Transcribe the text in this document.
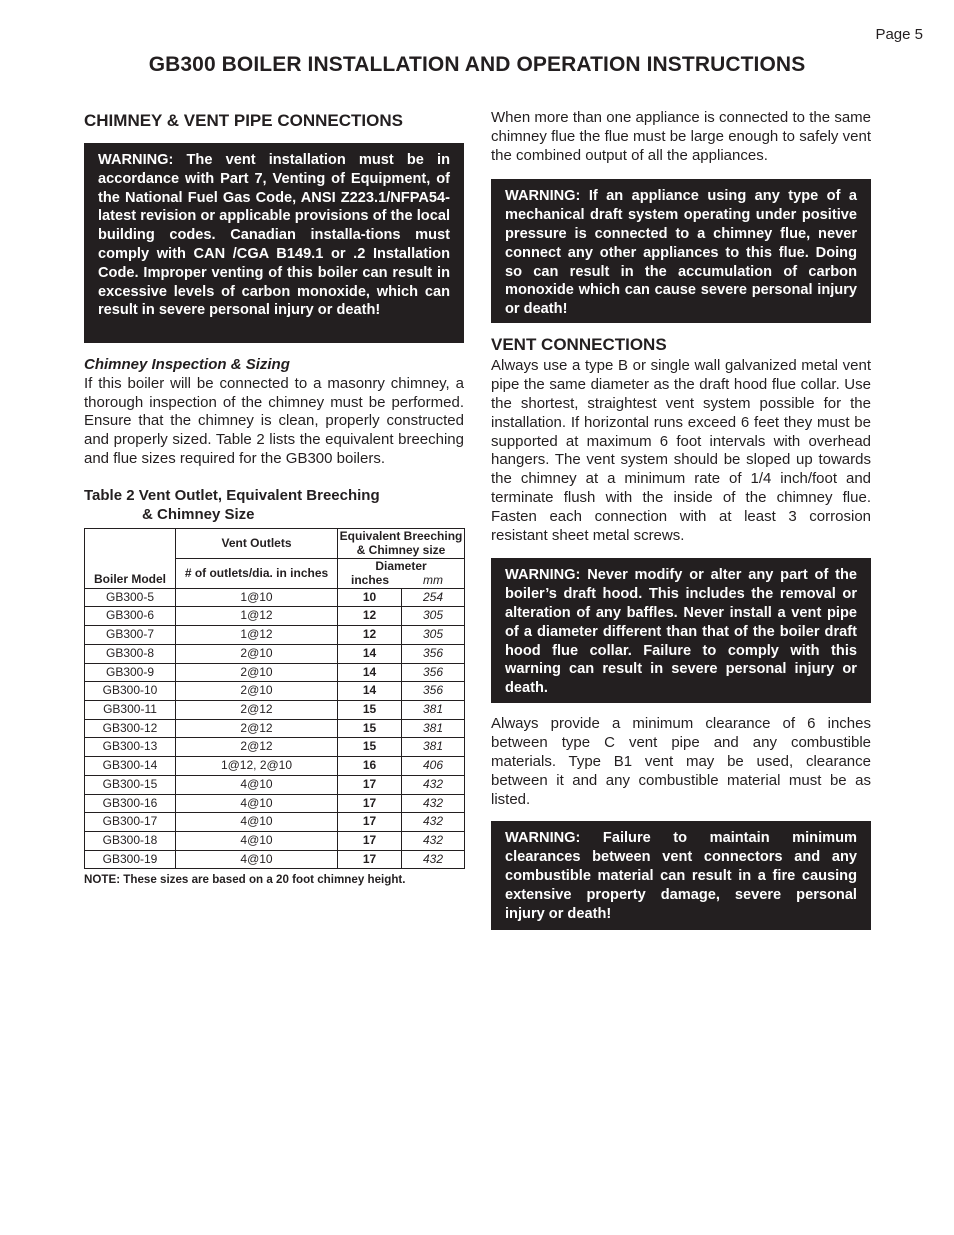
Page 5
GB300 BOILER INSTALLATION AND OPERATION INSTRUCTIONS
CHIMNEY & VENT PIPE CONNECTIONS
WARNING: The vent installation must be in accordance with Part 7, Venting of Equipment, of the National Fuel Gas Code, ANSI Z223.1/NFPA54-latest revision or applicable provisions of the local building codes. Canadian installa-tions must comply with CAN /CGA B149.1 or .2 Installation Code. Improper venting of this boiler can result in excessive levels of carbon monoxide, which can result in severe personal injury or death!

Chimney Inspection & Sizing

If this boiler will be connected to a masonry chimney, a thorough inspection of the chimney must be performed. Ensure that the chimney is clean, properly constructed and properly sized. Table 2 lists the equivalent breeching and flue sizes required for the GB300 boilers.

Table 2 Vent Outlet, Equivalent Breeching
& Chimney Size

Boiler Model	Vent Outlets	Equivalent Breeching & Chimney size	
	# of outlets/dia. in inches	Diameter
inches mm	

GB300-5	1@10	10	254
GB300-6	1@12	12	305
GB300-7	1@12	12	305
GB300-8	2@10	14	356
GB300-9	2@10	14	356
GB300-10	2@10	14	356
GB300-11	2@12	15	381
GB300-12	2@12	15	381
GB300-13	2@12	15	381
GB300-14	1@12, 2@10	16	406
GB300-15	4@10	17	432
GB300-16	4@10	17	432
GB300-17	4@10	17	432
GB300-18	4@10	17	432
GB300-19	4@10	17	432

NOTE: These sizes are based on a 20 foot chimney height.

When more than one appliance is connected to the same chimney flue the flue must be large enough to safely vent the combined output of all the appliances.

WARNING: If an appliance using any type of a mechanical draft system operating under positive pressure is connected to a chimney flue, never connect any other appliances to this flue. Doing so can result in the accumulation of carbon monoxide which can cause severe personal injury or death!
VENT CONNECTIONS

Always use a type B or single wall galvanized metal vent pipe the same diameter as the draft hood flue collar. Use the shortest, straightest vent system possible for the installation. If horizontal runs exceed 6 feet they must be supported at maximum 6 foot intervals with overhead hangers. The vent system should be sloped up towards the chimney at a minimum rate of 1/4 inch/foot and terminate flush with the inside of the chimney flue. Fasten each connection with at least 3 corrosion resistant sheet metal screws.

WARNING: Never modify or alter any part of the boiler’s draft hood. This includes the removal or alteration of any baffles. Never install a vent pipe of a diameter different than that of the boiler draft hood flue collar. Failure to comply with this warning can result in severe personal injury or death.

Always provide a minimum clearance of 6 inches between type C vent pipe and any combustible materials. Type B1 vent may be used, clearance between it and any combustible material must be as listed.

WARNING: Failure to maintain minimum clearances between vent connectors and any combustible material can result in a fire causing extensive property damage, severe personal injury or death!
